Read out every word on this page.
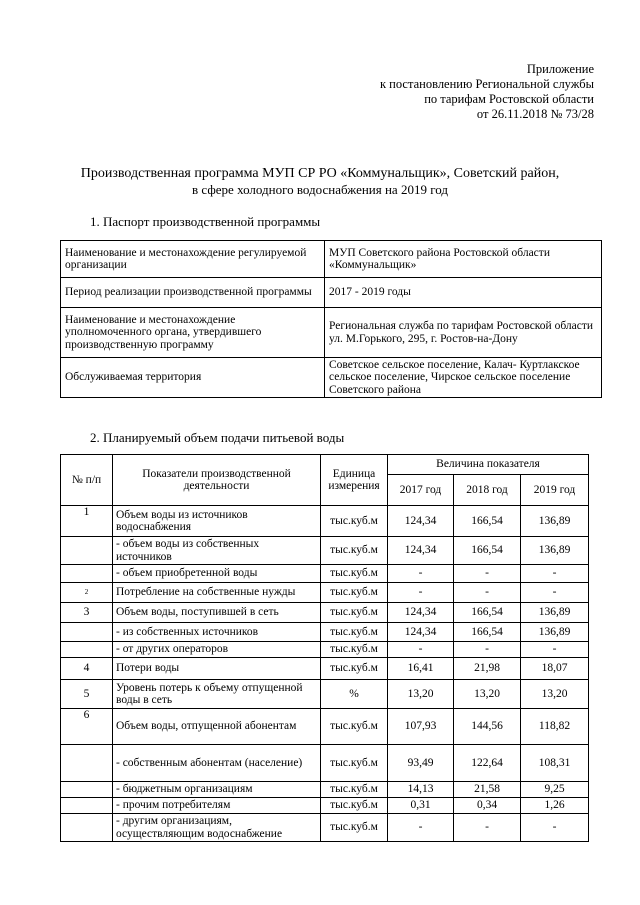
Приложение
к постановлению Региональной службы
по тарифам Ростовской области
от 26.11.2018 № 73/28
Производственная программа МУП СР РО «Коммунальщик», Советский район,
в сфере холодного водоснабжения на 2019 год
1. Паспорт производственной программы
Наименование и местонахождение регулируемой организации	МУП Советского района Ростовской области «Коммунальщик»
Период реализации производственной программы	2017 - 2019 годы
Наименование и местонахождение уполномоченного органа, утвердившего производственную программу	Региональная служба по тарифам Ростовской области ул. М.Горького, 295, г. Ростов-на-Дону
Обслуживаемая территория	Советское сельское поселение, Калач- Куртлакское сельское поселение, Чирское сельское поселение Советского района
2. Планируемый объем подачи питьевой воды
№ п/п	Показатели производственной деятельности	Единица измерения	Величина показателя		
			2017 год	2018 год	2019 год
1	Объем воды из источников водоснабжения	тыс.куб.м	124,34	166,54	136,89
	- объем воды из собственных источников	тыс.куб.м	124,34	166,54	136,89
	- объем приобретенной воды	тыс.куб.м	-	-	-
2	Потребление на собственные нужды	тыс.куб.м	-	-	-
3	Объем воды, поступившей в сеть	тыс.куб.м	124,34	166,54	136,89
	- из собственных источников	тыс.куб.м	124,34	166,54	136,89
	- от других операторов	тыс.куб.м	-	-	-
4	Потери воды	тыс.куб.м	16,41	21,98	18,07
5	Уровень потерь к объему отпущенной воды в сеть	%	13,20	13,20	13,20
6	Объем воды, отпущенной абонентам	тыс.куб.м	107,93	144,56	118,82
	- собственным абонентам (население)	тыс.куб.м	93,49	122,64	108,31
	- бюджетным организациям	тыс.куб.м	14,13	21,58	9,25
	- прочим потребителям	тыс.куб.м	0,31	0,34	1,26
	- другим организациям, осуществляющим водоснабжение	тыс.куб.м	-	-	-
